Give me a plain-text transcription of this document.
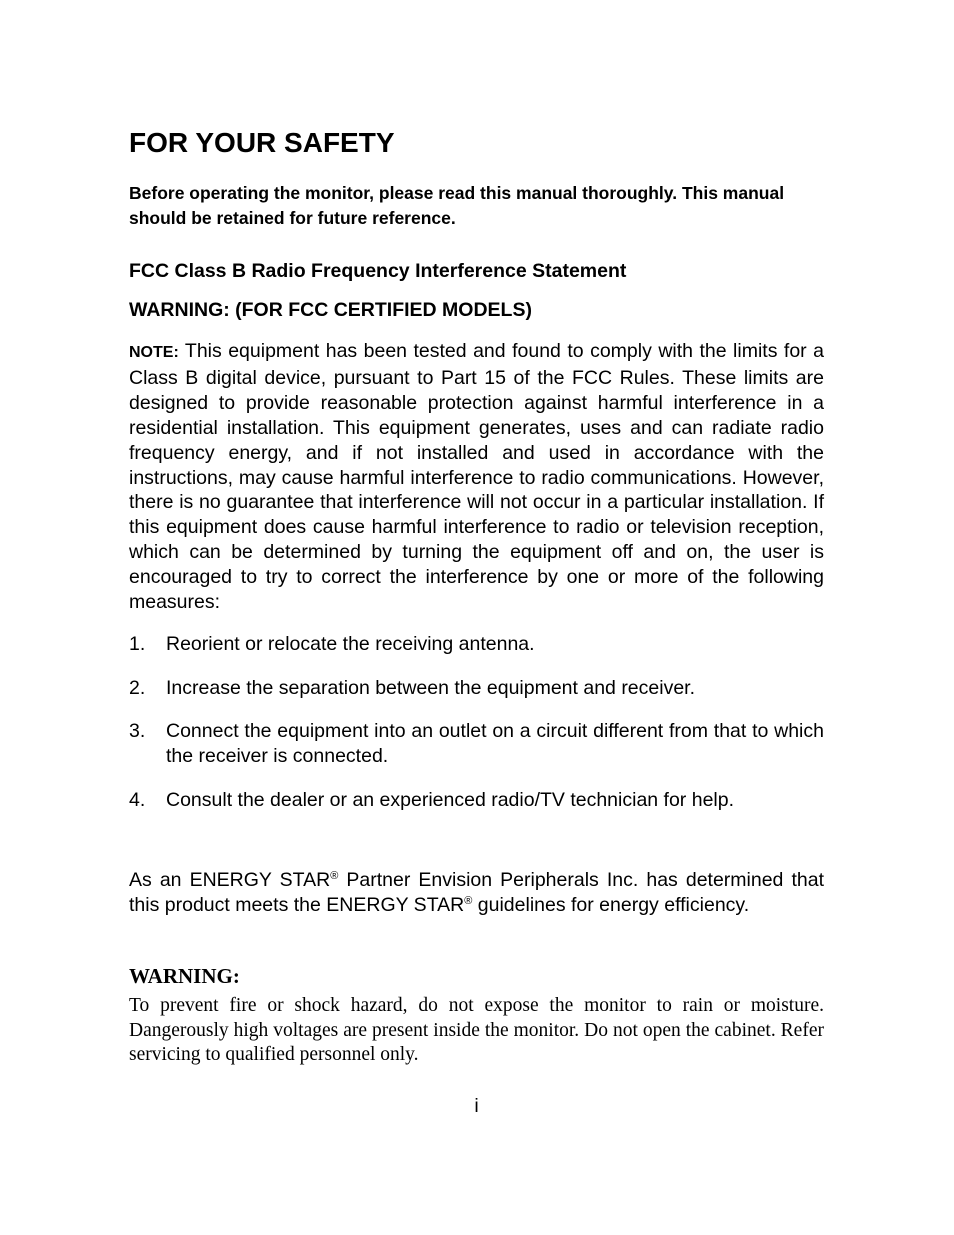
FOR YOUR SAFETY

Before operating the monitor, please read this manual thoroughly. This manual should be retained for future reference.

FCC Class B Radio Frequency Interference Statement
WARNING: (FOR FCC CERTIFIED MODELS)

NOTE: This equipment has been tested and found to comply with the limits for a Class B digital device, pursuant to Part 15 of the FCC Rules. These limits are designed to provide reasonable protection against harmful interference in a residential installation. This equipment generates, uses and can radiate radio frequency energy, and if not installed and used in accordance with the instructions, may cause harmful interference to radio communications. However, there is no guarantee that interference will not occur in a particular installation. If this equipment does cause harmful interference to radio or television reception, which can be determined by turning the equipment off and on, the user is encouraged to try to correct the interference by one or more of the following measures:

1. Reorient or relocate the receiving antenna.
2. Increase the separation between the equipment and receiver.
3. Connect the equipment into an outlet on a circuit different from that to which the receiver is connected.
4. Consult the dealer or an experienced radio/TV technician for help.

As an ENERGY STAR® Partner Envision Peripherals Inc. has determined that this product meets the ENERGY STAR® guidelines for energy efficiency.

WARNING:

To prevent fire or shock hazard, do not expose the monitor to rain or moisture. Dangerously high voltages are present inside the monitor. Do not open the cabinet. Refer servicing to qualified personnel only.

i
